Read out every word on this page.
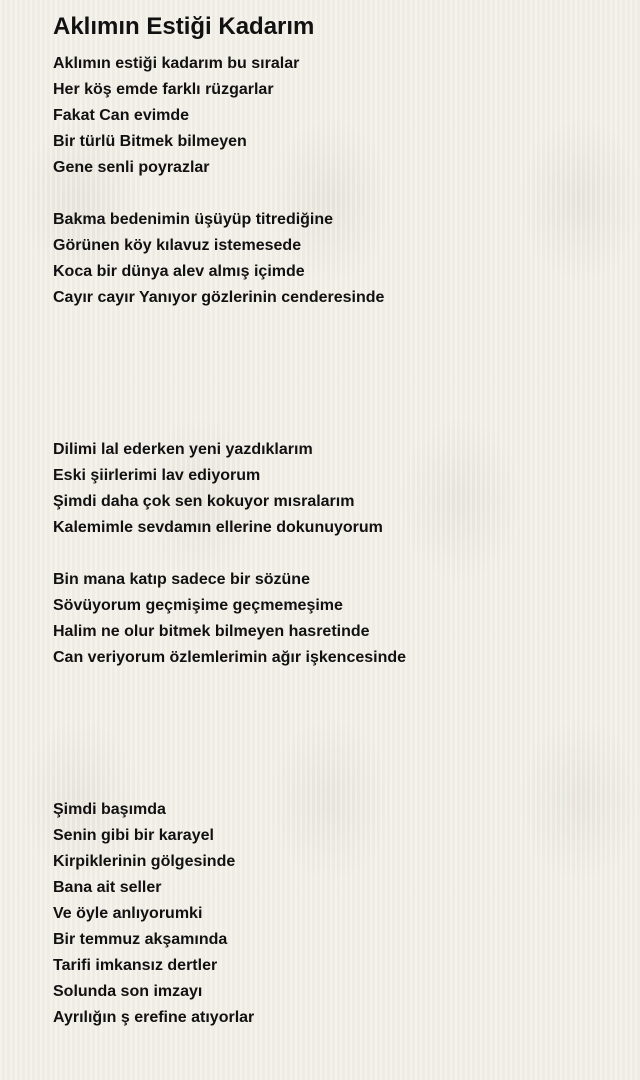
Aklımın Estiği Kadarım
Aklımın estiği kadarım bu sıralar
Her köş emde farklı rüzgarlar
Fakat Can evimde
Bir türlü Bitmek bilmeyen
Gene senli poyrazlar
Bakma bedenimin üşüyüp titrediğine
Görünen köy kılavuz istemesede
Koca bir dünya alev almış içimde
Cayır cayır Yanıyor gözlerinin cenderesinde
Dilimi lal ederken yeni yazdıklarım
Eski şiirlerimi lav ediyorum
Şimdi daha çok sen kokuyor mısralarım
Kalemimle sevdamın ellerine dokunuyorum
Bin mana katıp sadece bir sözüne
Sövüyorum geçmişime geçmemeşime
Halim ne olur bitmek bilmeyen hasretinde
Can veriyorum özlemlerimin ağır işkencesinde
Şimdi başımda
Senin gibi bir karayel
Kirpiklerinin gölgesinde
Bana ait seller
Ve öyle anlıyorumki
Bir temmuz akşamında
Tarifi imkansız dertler
Solunda son imzayı
Ayrılığın ş erefine atıyorlar
